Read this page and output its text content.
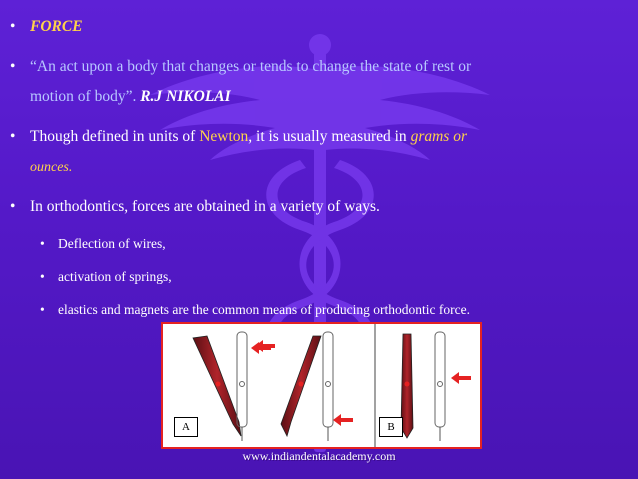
• FORCE
• “An act upon a body that changes or tends to change the state of rest or
motion of body”. R.J NIKOLAI
• Though defined in units of Newton, it is usually measured in grams or
ounces.
• In orthodontics, forces are obtained in a variety of ways.
• Deflection of wires,
• activation of springs,
• elastics and magnets are the common means of producing orthodontic force.
A	B
www.indiandentalacademy.com
